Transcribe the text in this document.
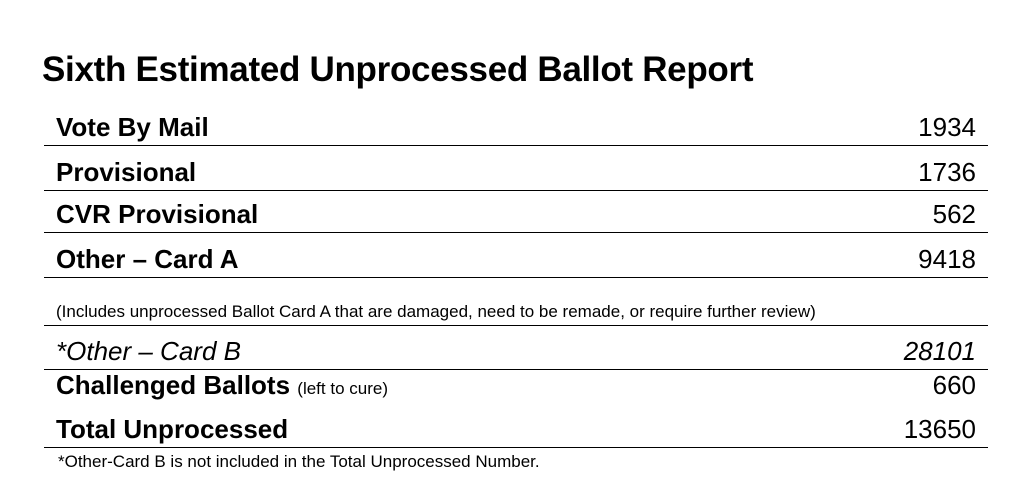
Sixth Estimated Unprocessed Ballot Report
Vote By Mail	1934
Provisional	1736
CVR Provisional	562
Other – Card A	9418
(Includes unprocessed Ballot Card A that are damaged, need to be remade, or require further review)
*Other – Card B	28101
Challenged Ballots (left to cure)	660
Total Unprocessed	13650
*Other-Card B is not included in the Total Unprocessed Number.
